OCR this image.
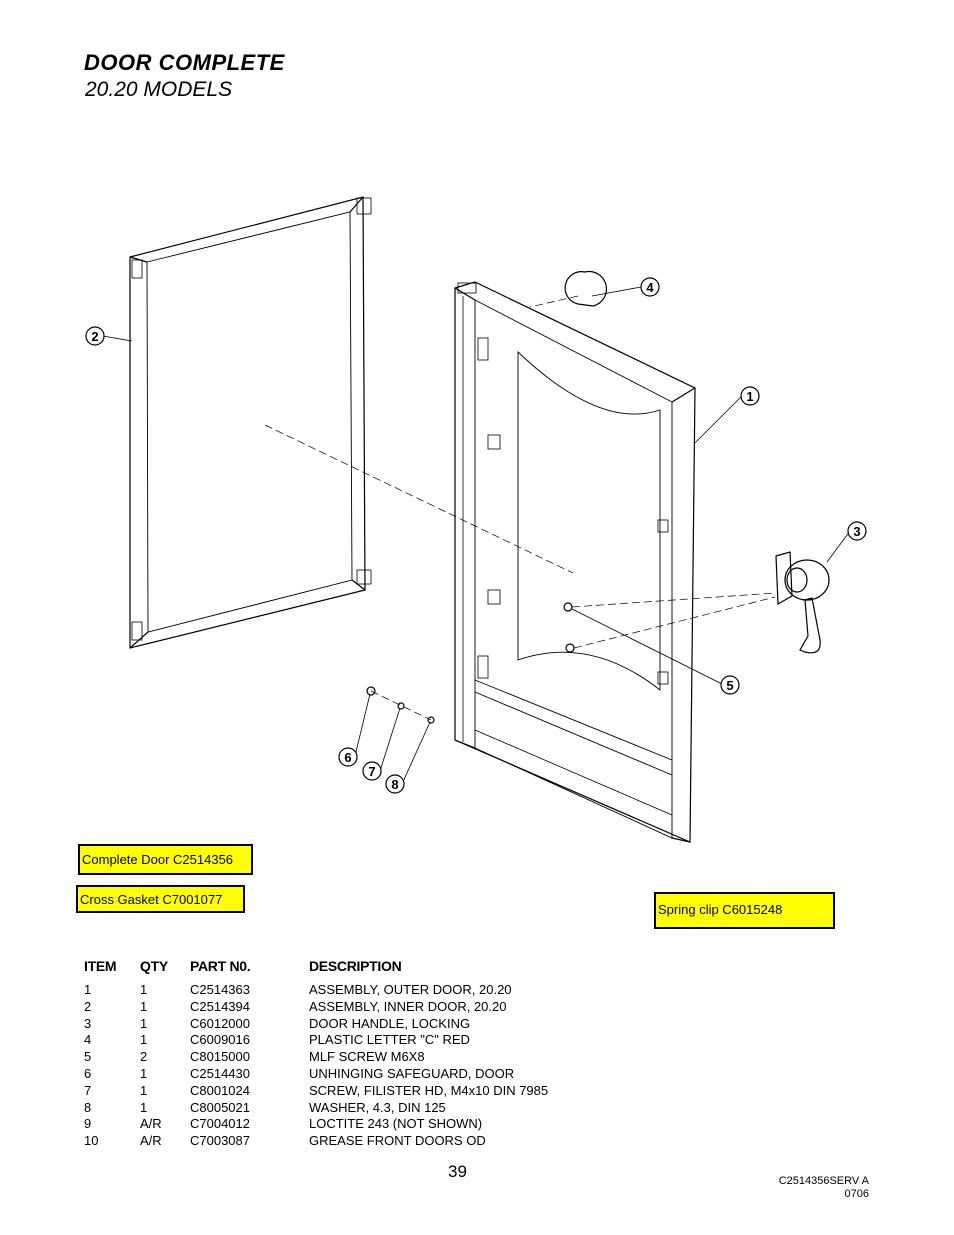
DOOR COMPLETE
20.20 MODELS
1
2
3
4
5
6
7
8
Complete Door C2514356
Cross Gasket C7001077
Spring clip C6015248
ITEM	QTY	PART N0.	DESCRIPTION
1	1	C2514363	ASSEMBLY, OUTER DOOR, 20.20
2	1	C2514394	ASSEMBLY, INNER DOOR, 20.20
3	1	C6012000	DOOR HANDLE, LOCKING
4	1	C6009016	PLASTIC LETTER "C" RED
5	2	C8015000	MLF SCREW M6X8
6	1	C2514430	UNHINGING SAFEGUARD, DOOR
7	1	C8001024	SCREW, FILISTER HD, M4x10 DIN 7985
8	1	C8005021	WASHER, 4.3, DIN 125
9	A/R	C7004012	LOCTITE 243 (NOT SHOWN)
10	A/R	C7003087	GREASE FRONT DOORS OD
39	C2514356SERV A
0706
